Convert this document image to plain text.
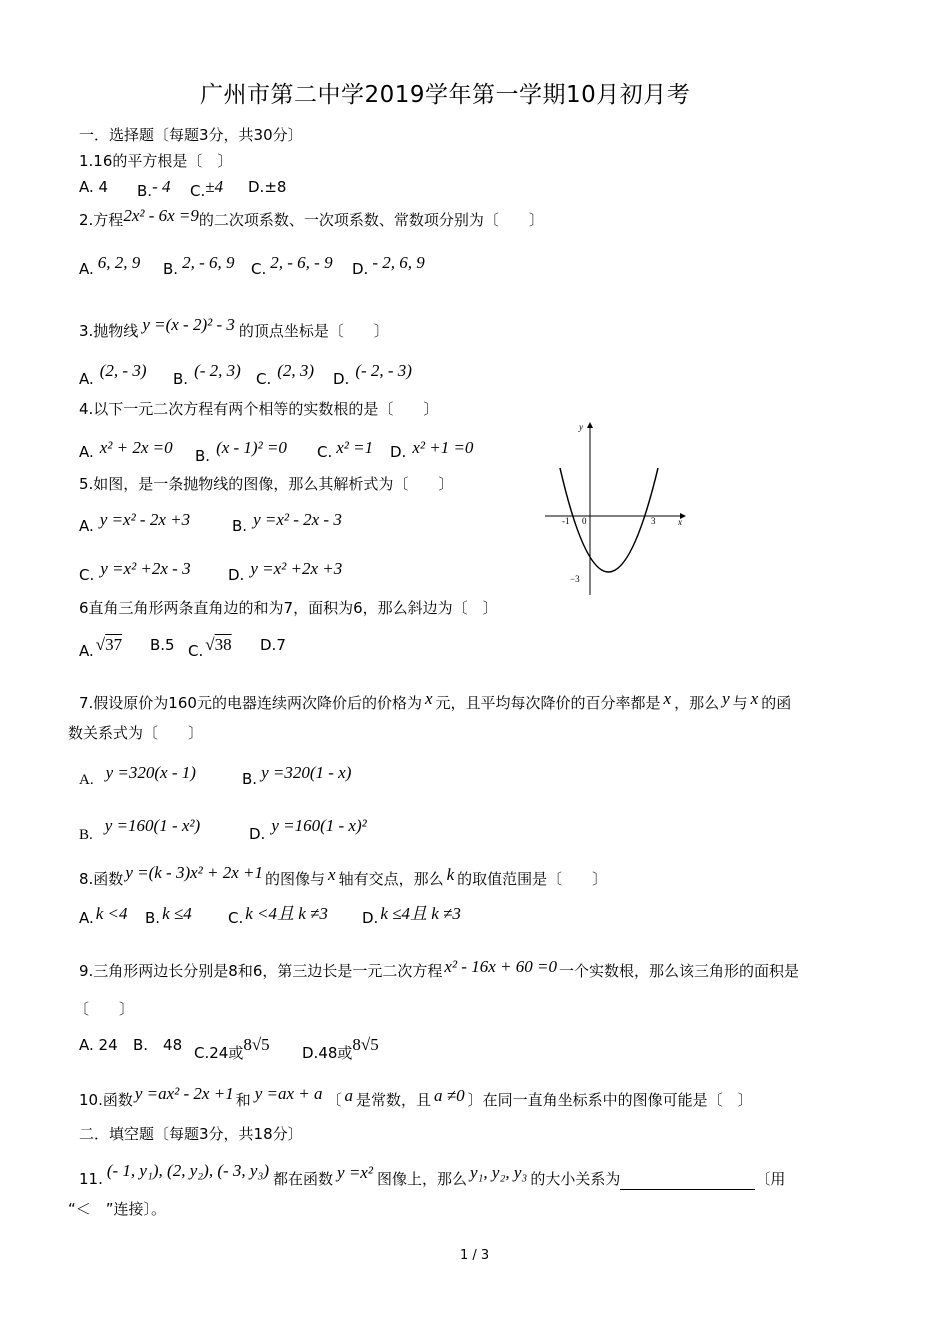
广州市第二中学2019学年第一学期10月初月考
一．选择题〔每题3分，共30分〕
1.16的平方根是〔　〕
A. 4 B.- 4 C.±4 D.±8
2.方程2x² - 6x =9的二次项系数、一次项系数、常数项分别为〔　　〕
A. 6, 2, 9 B. 2, - 6, 9 C. 2, - 6, - 9 D. - 2, 6, 9
3.抛物线 y =(x - 2)² - 3 的顶点坐标是〔　　〕
A. (2, - 3) B. (- 2, 3) C. (2, 3) D. (- 2, - 3)
4.以下一元二次方程有两个相等的实数根的是〔　　〕
A. x² + 2x =0 B. (x - 1)² =0 C. x² =1 D. x² +1 =0
5.如图，是一条抛物线的图像，那么其解析式为〔　　〕
A. y =x² - 2x +3	B. y =x² - 2x - 3
C. y =x² +2x - 3 D. y =x² +2x +3
y
x
-1 0	3
−3
6直角三角形两条直角边的和为7，面积为6，那么斜边为〔　〕
A. √37 B.5 C. √38 D.7
7.假设原价为160元的电器连续两次降价后的价格为 x 元，且平均每次降价的百分率都是 x ，那么 y 与 x 的函
数关系式为〔　　〕
A. y =320(x - 1)	B. y =320(1 - x)
B. y =160(1 - x²)	D. y =160(1 - x)²
8.函数 y =(k - 3)x² + 2x +1 的图像与 x 轴有交点，那么 k 的取值范围是〔　　〕
A. k <4 B. k ≤4 C. k <4且 k ≠3 D. k ≤4且 k ≠3
9.三角形两边长分别是8和6，第三边长是一元二次方程 x² - 16x + 60 =0 一个实数根，那么该三角形的面积是
〔　　〕
A. 24 B.　48 C.24或8√5 D.48或8√5
10.函数 y =ax² - 2x +1 和 y =ax + a 〔 a 是常数，且 a ≠0 〕在同一直角坐标系中的图像可能是〔　〕
二．填空题〔每题3分，共18分〕
11. (- 1, y₁), (2, y₂), (- 3, y₃) 都在函数 y =x² 图像上，那么 y₁, y₂, y₃ 的大小关系为	〔用
“＜　”连接〕。
1 / 3
